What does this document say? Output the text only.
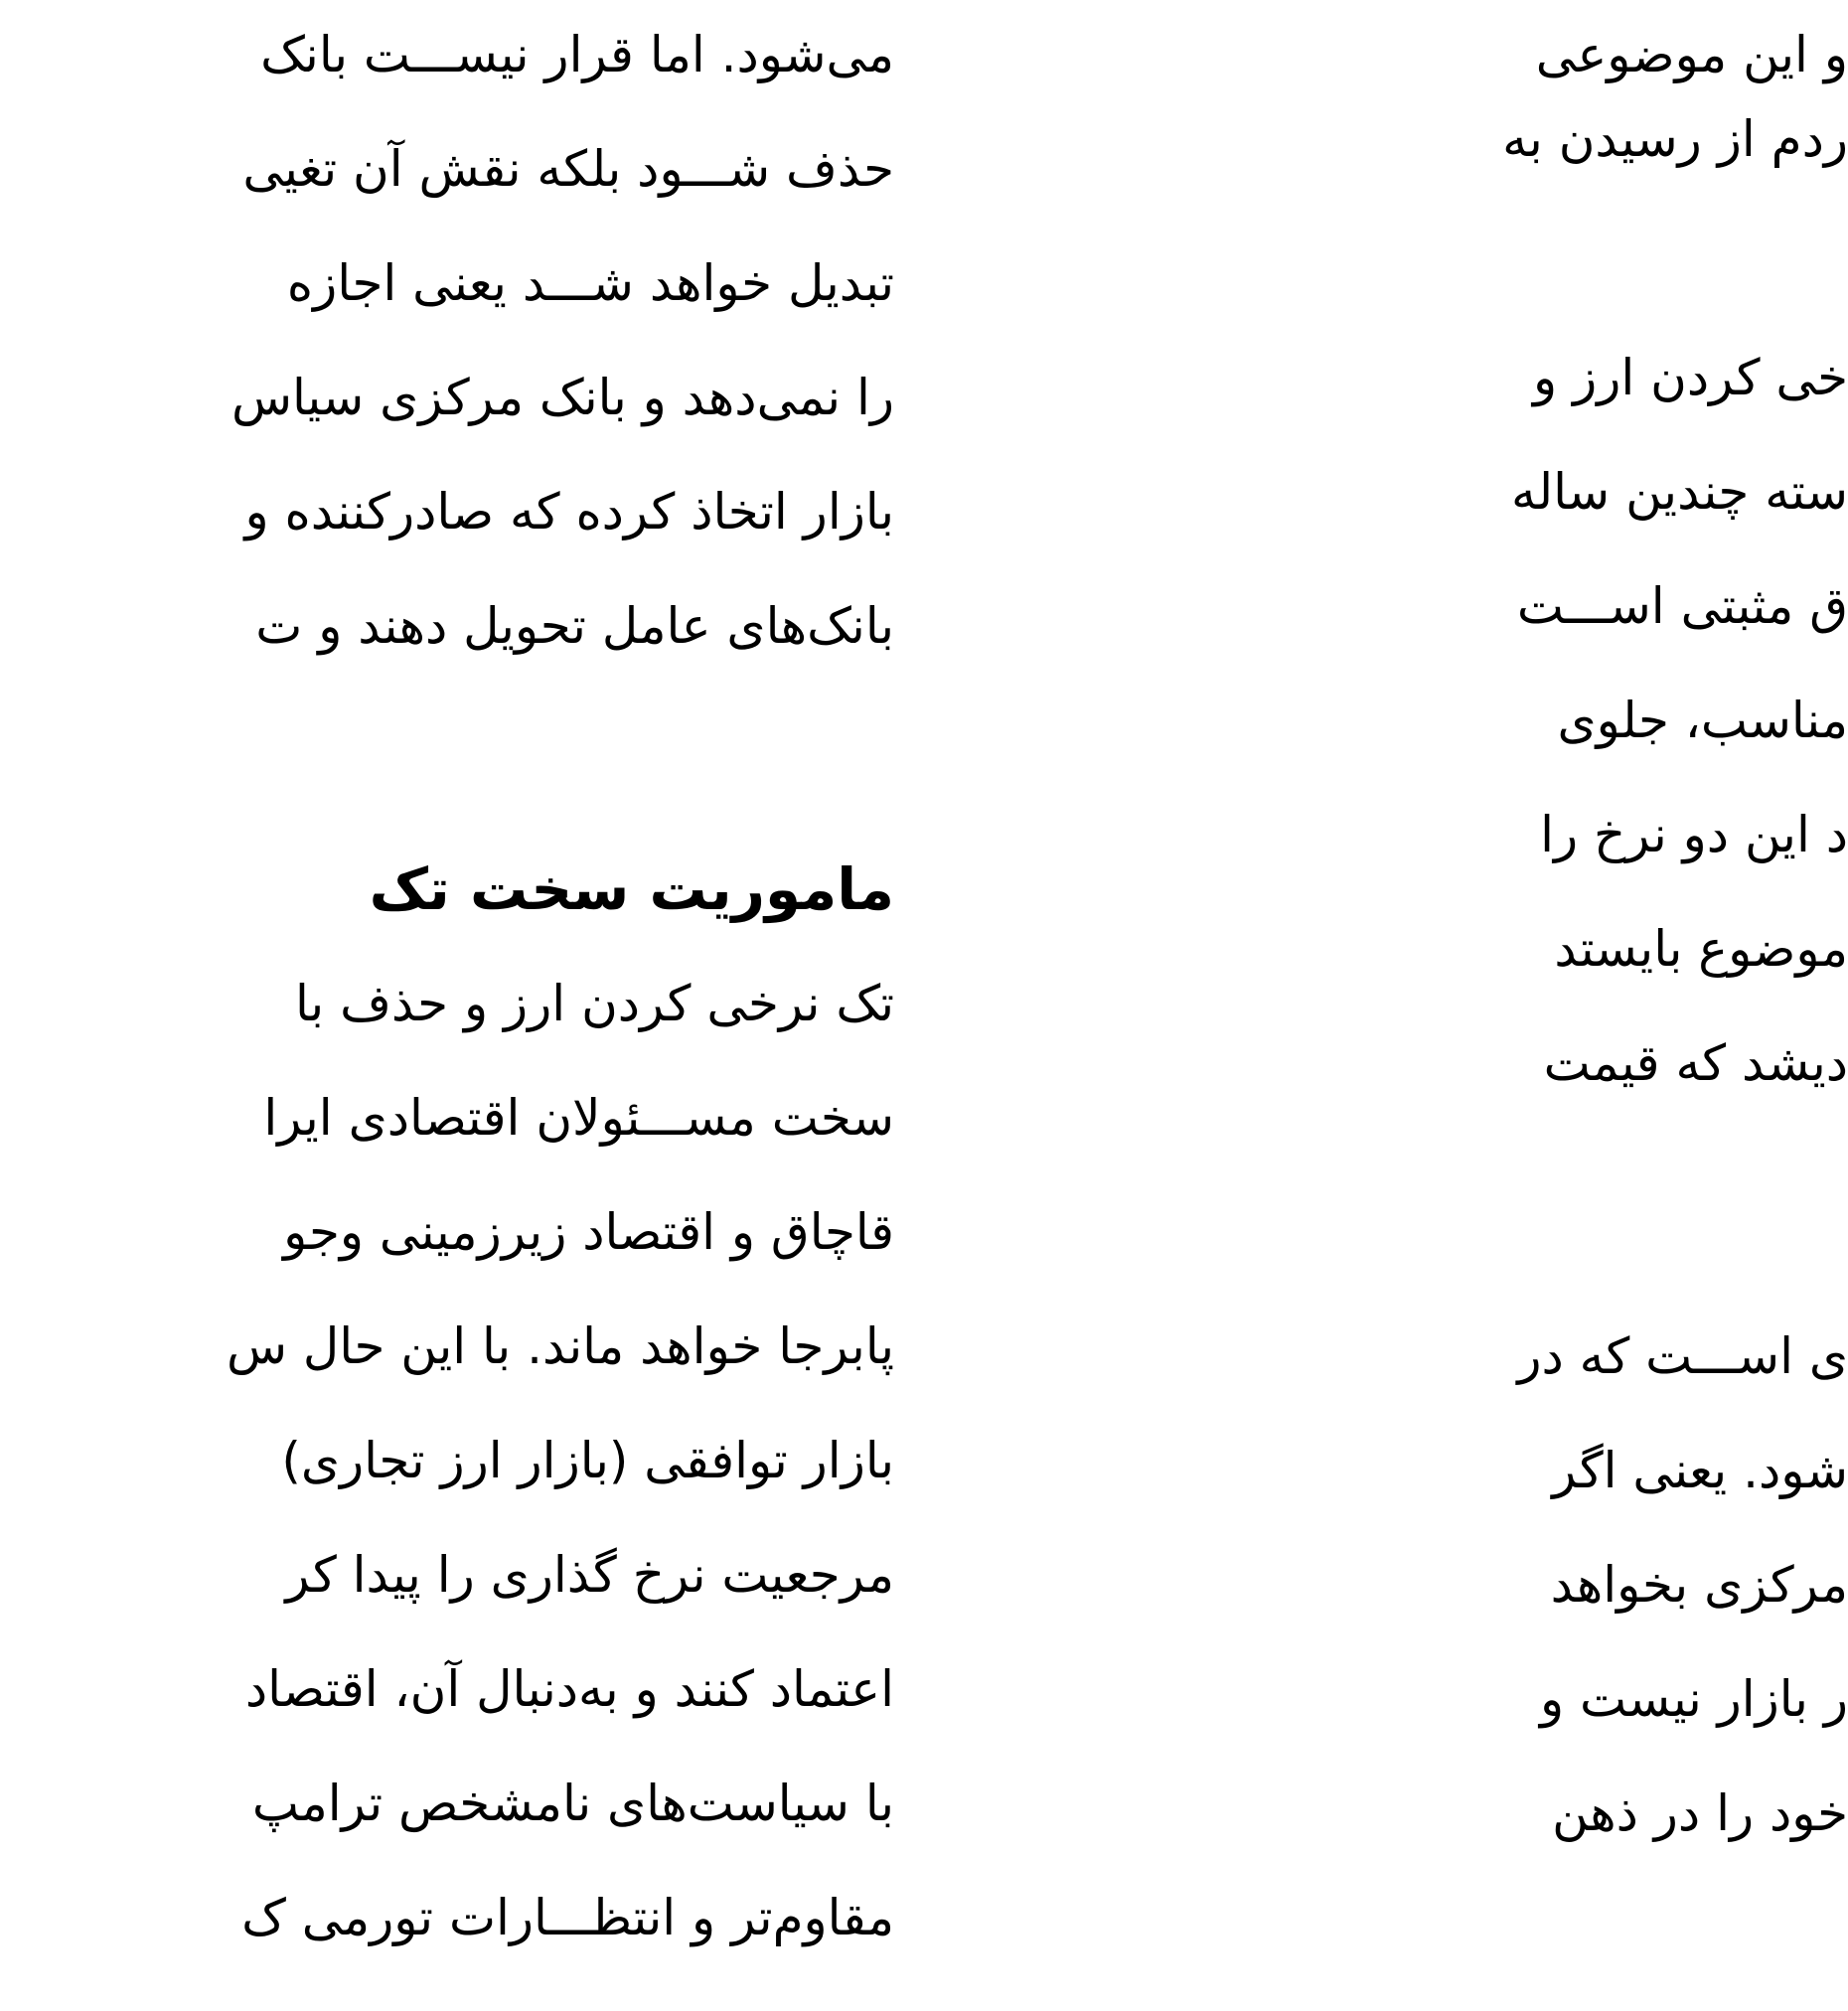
می‌شود. اما قرار نیســـت بانک
حذف شـــود بلکه نقش آن تغیی
تبدیل خواهد شـــد یعنی اجازه
را نمی‌دهد و بانک مرکزی سیاس
بازار اتخاذ کرده که صادرکننده و
بانک‌های عامل تحویل دهند و ت
ماموریت سخت تک
تک نرخی کردن ارز و حذف با
سخت مســـئولان اقتصادی ایرا
قاچاق و اقتصاد زیرزمینی وجو
پابرجا خواهد ماند. با این حال س
بازار توافقی (بازار ارز تجاری)
مرجعیت نرخ گذاری را پیدا کر
اعتماد کنند و به‌دنبال آن، اقتصاد
با سیاست‌های نامشخص ترامپ
مقاوم‌تر و انتظـــارات تورمی ک
و این موضوعی
ردم از رسیدن به
خی کردن ارز و
سته چندین ساله
ق مثبتی اســـت
مناسب، جلوی
د این دو نرخ را
موضوع بایستد
دیشد که قیمت
ی اســـت که در
شود. یعنی اگر
مرکزی بخواهد
ر بازار نیست و
خود را در ذهن
